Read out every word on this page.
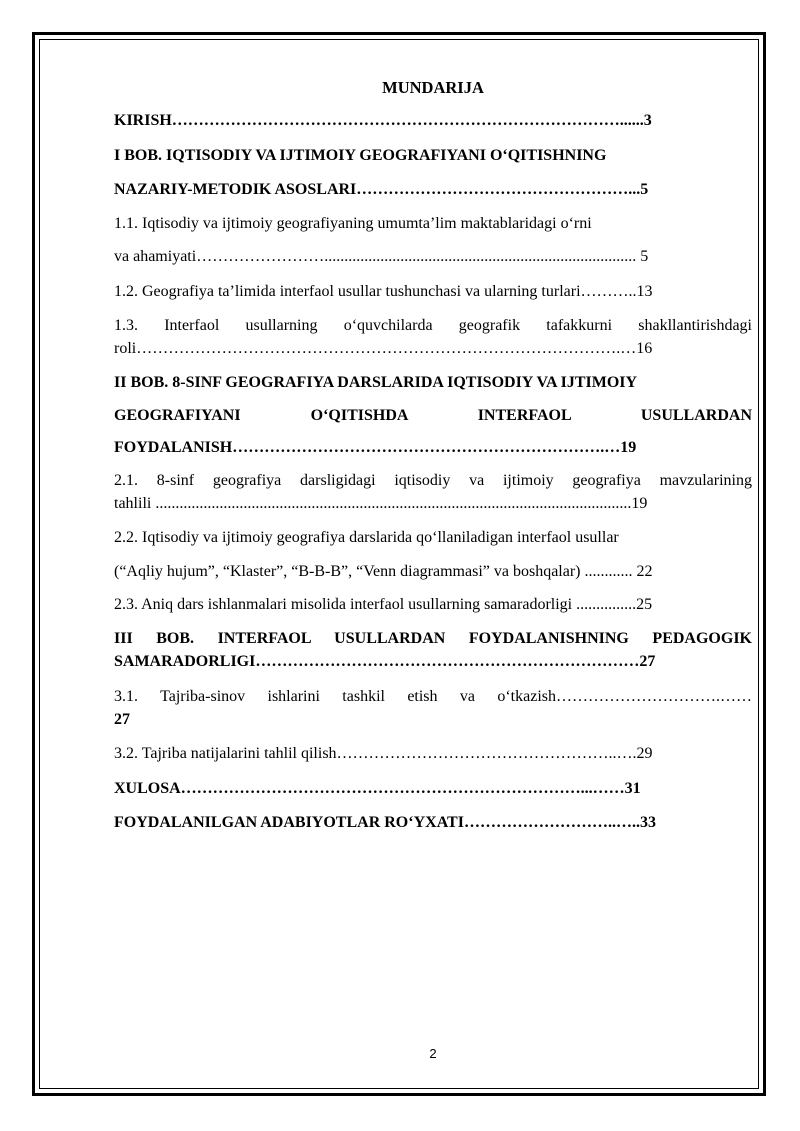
MUNDARIJA
KIRISH…………………………………………………………………………......3
I BOB. IQTISODIY VA IJTIMOIY GEOGRAFIYANI O‘QITISHNING
NAZARIY-METODIK ASOSLARI……………………………………………...5
1.1. Iqtisodiy va ijtimoiy geografiyaning umumta’lim maktablaridagi o‘rni
va ahamiyati…………………….............................................................................. 5
1.2. Geografiya ta’limida interfaol usullar tushunchasi va ularning turlari………..13
1.3. Interfaol usullarning o‘quvchilarda geografik tafakkurni shakllantirishdagi
roli……………………………………………………………………………….…16
II BOB. 8-SINF GEOGRAFIYA DARSLARIDA IQTISODIY VA IJTIMOIY
GEOGRAFIYANI O‘QITISHDA INTERFAOL USULLARDAN
FOYDALANISH…………………………………………………………….…19
2.1. 8-sinf geografiya darsligidagi iqtisodiy va ijtimoiy geografiya mavzularining
tahlili .......................................................................................................................19
2.2. Iqtisodiy va ijtimoiy geografiya darslarida qo‘llaniladigan interfaol usullar
(“Aqliy hujum”, “Klaster”, “B-B-B”, “Venn diagrammasi” va boshqalar) ............ 22
2.3. Aniq dars ishlanmalari misolida interfaol usullarning samaradorligi ...............25
III BOB. INTERFAOL USULLARDAN FOYDALANISHNING PEDAGOGIK
SAMARADORLIGI………………………………………………………………27
3.1. Tajriba-sinov ishlarini tashkil etish va o‘tkazish………………………….……
27
3.2. Tajriba natijalarini tahlil qilish……………………………………………..….29
XULOSA…………………………………………………………………...……31
FOYDALANILGAN ADABIYOTLAR RO‘YXATI………………………..…..33
2
